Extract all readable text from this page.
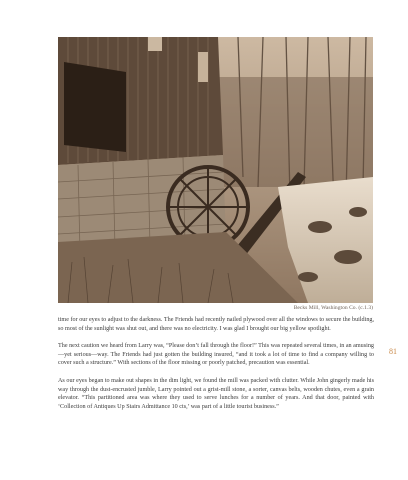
Becks Mill, Washington Co. (c.1.3)
81

time for our eyes to adjust to the darkness. The Friends had recently nailed plywood over all the windows to secure the building, so most of the sunlight was shut out, and there was no electricity. I was glad I brought our big yellow spotlight.

The next caution we heard from Larry was, “Please don’t fall through the floor!” This was repeated several times, in an amusing—yet serious—way. The Friends had just gotten the building insured, “and it took a lot of time to find a company willing to cover such a structure.” With sections of the floor missing or poorly patched, precaution was essential.

As our eyes began to make out shapes in the dim light, we found the mill was packed with clutter. While John gingerly made his way through the dust-encrusted jumble, Larry pointed out a grist-mill stone, a sorter, canvas belts, wooden chutes, even a grain elevator. “This partitioned area was where they used to serve lunches for a number of years. And that door, painted with ‘Collection of Antiques Up Stairs Admittance 10 cts,’ was part of a little tourist business.”
